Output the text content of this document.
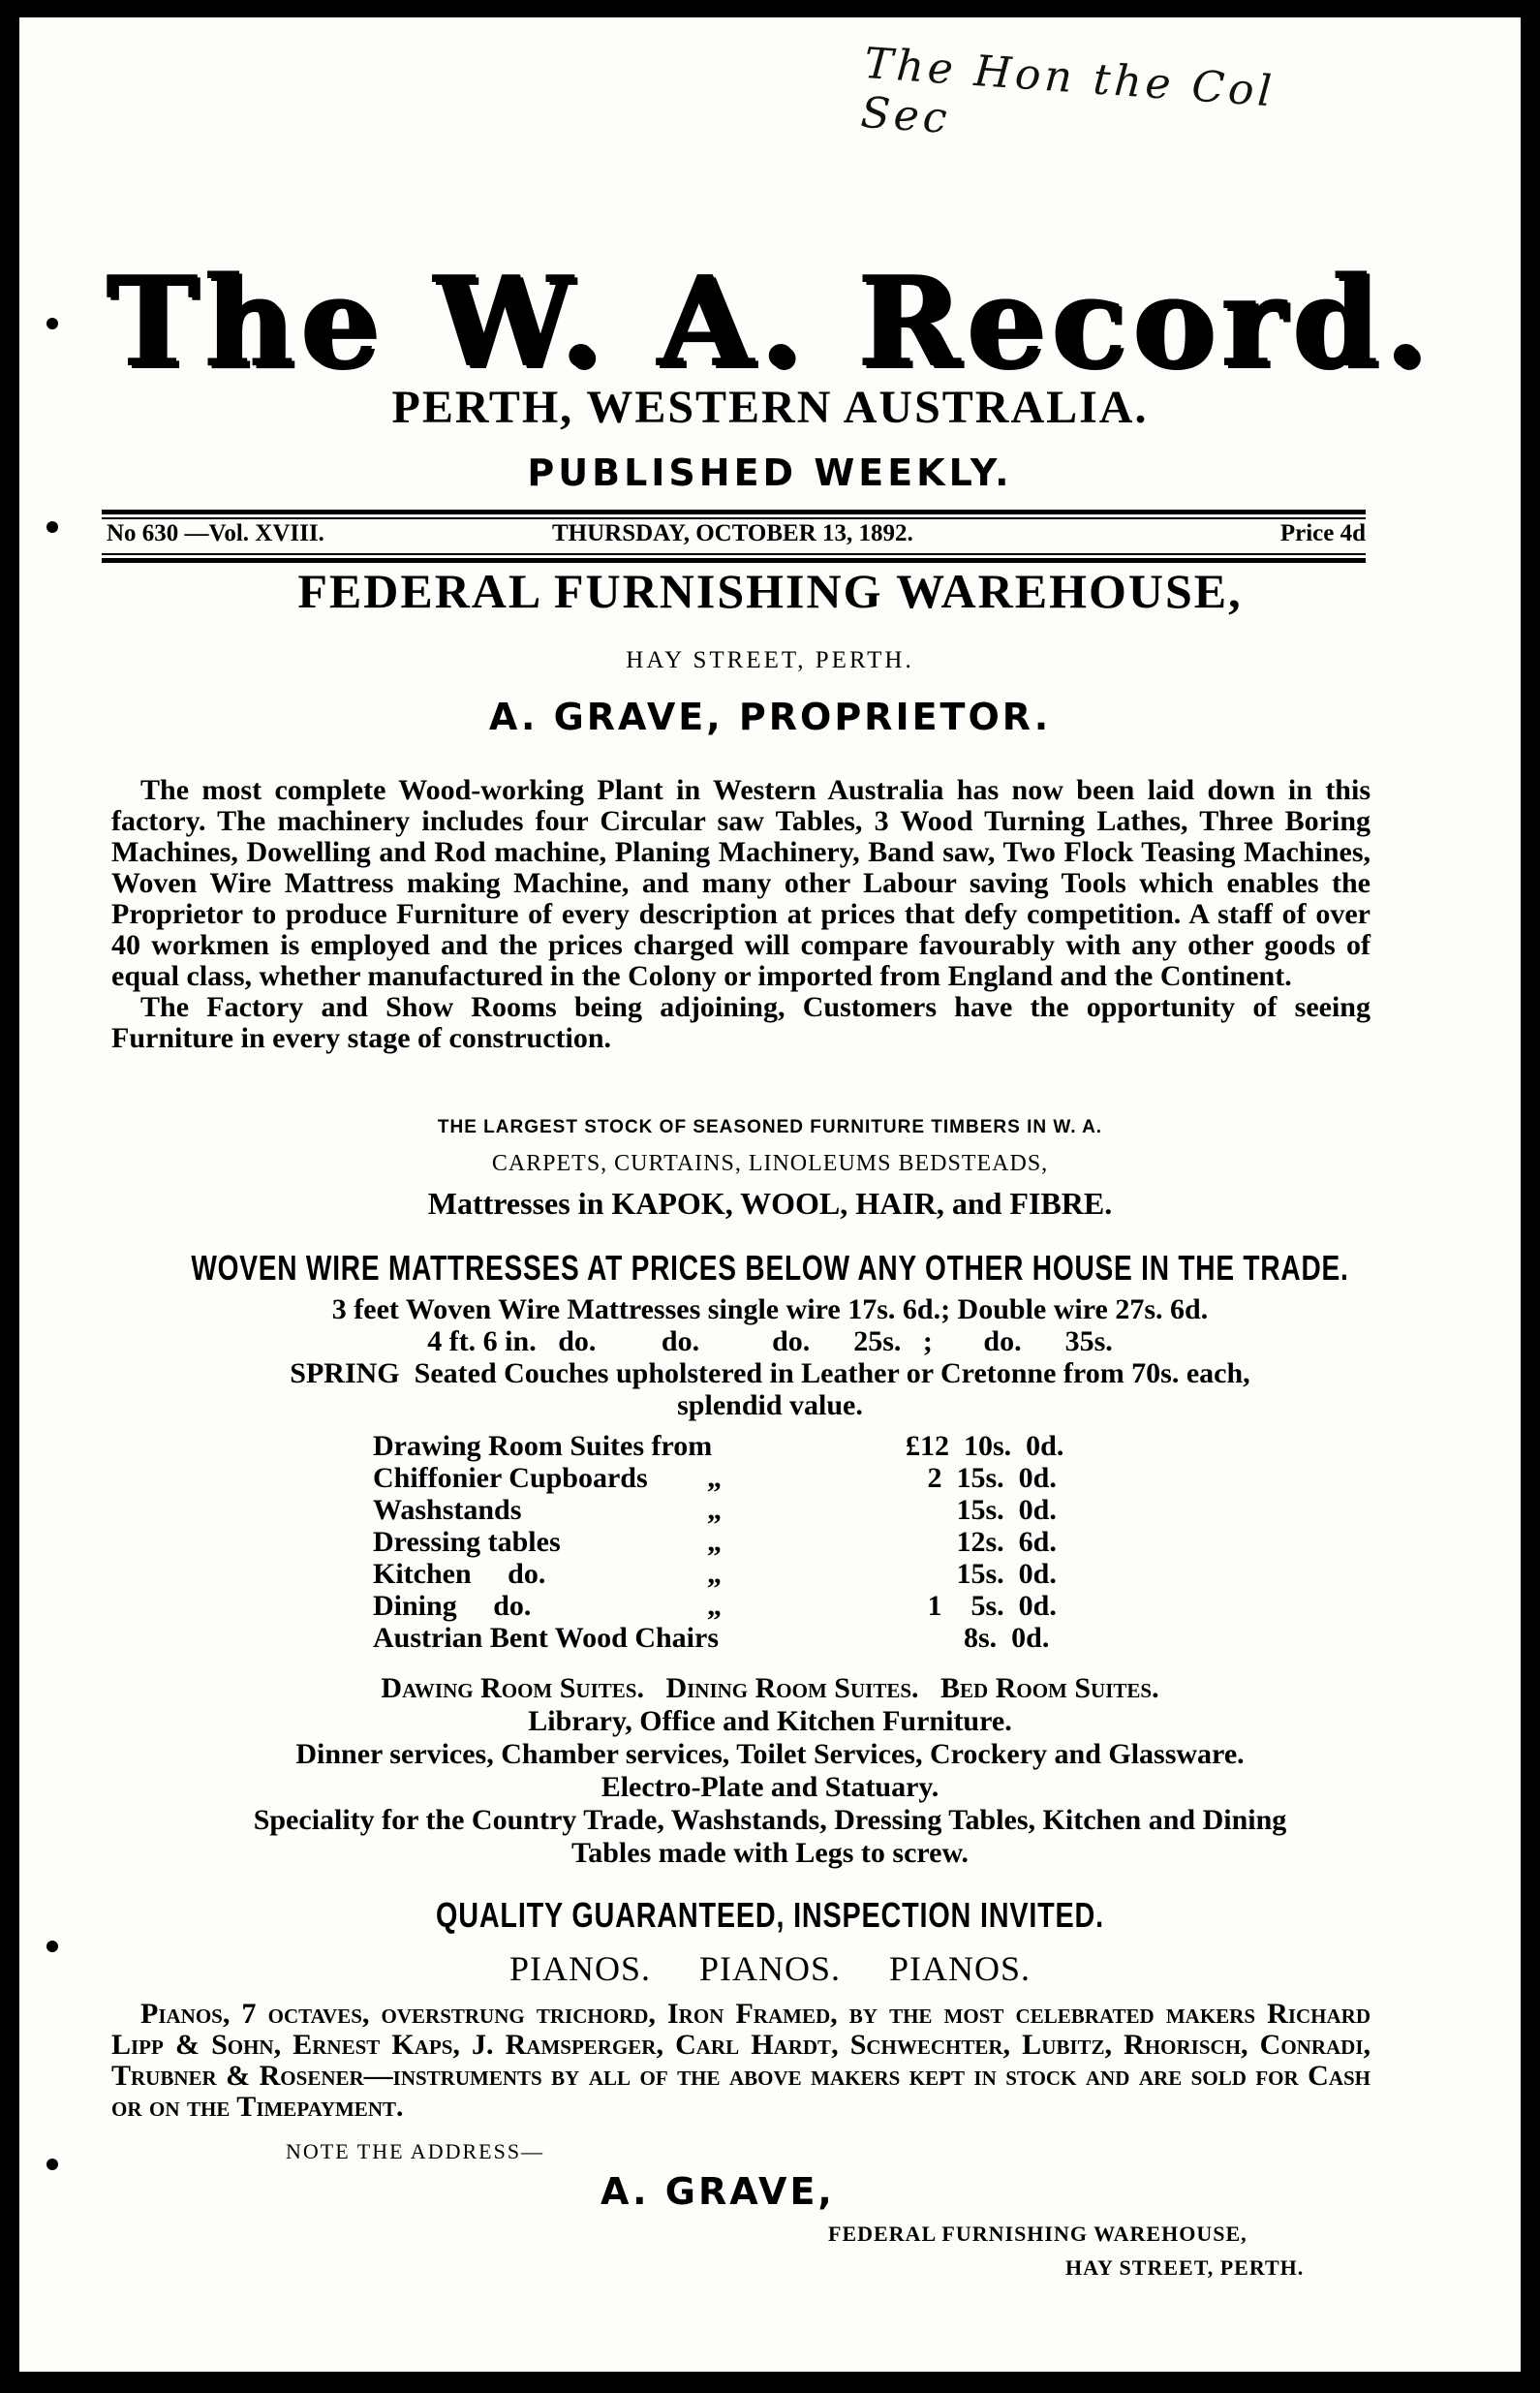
The Hon the Col Sec
The W. A. Record.
PERTH, WESTERN AUSTRALIA.
PUBLISHED WEEKLY.
No 630 —Vol. XVIII.	THURSDAY, OCTOBER 13, 1892.	Price 4d
FEDERAL FURNISHING WAREHOUSE,
HAY STREET, PERTH.
A. GRAVE, PROPRIETOR.

The most complete Wood-working Plant in Western Australia has now been laid down in this factory. The machinery includes four Circular saw Tables, 3 Wood Turning Lathes, Three Boring Machines, Dowelling and Rod machine, Planing Machinery, Band saw, Two Flock Teasing Machines, Woven Wire Mattress making Machine, and many other Labour saving Tools which enables the Proprietor to produce Furniture of every description at prices that defy competition. A staff of over 40 workmen is employed and the prices charged will compare favourably with any other goods of equal class, whether manufactured in the Colony or imported from England and the Continent.

The Factory and Show Rooms being adjoining, Customers have the opportunity of seeing Furniture in every stage of construction.

THE LARGEST STOCK OF SEASONED FURNITURE TIMBERS IN W. A.
CARPETS, CURTAINS, LINOLEUMS BEDSTEADS,
Mattresses in KAPOK, WOOL, HAIR, and FIBRE.
WOVEN WIRE MATTRESSES AT PRICES BELOW ANY OTHER HOUSE IN THE TRADE.
3 feet Woven Wire Mattresses single wire 17s. 6d.; Double wire 27s. 6d.
4 ft. 6 in.   do.         do.          do.      25s.   ;       do.      35s.
SPRING  Seated Couches upholstered in Leather or Cretonne from 70s. each,
splendid value.
Drawing Room Suites from	£12  10s.  0d.
Chiffonier Cupboards „	2  15s.  0d.
Washstands	„	15s.  0d.
Dressing tables	„	12s.  6d.
Kitchen     do.	„	15s.  0d.
Dining     do.	„	1    5s.  0d.
Austrian Bent Wood Chairs	8s.  0d.
Dawing Room Suites.   Dining Room Suites.   Bed Room Suites.
Library, Office and Kitchen Furniture.
Dinner services, Chamber services, Toilet Services, Crockery and Glassware.
Electro-Plate and Statuary.
Speciality for the Country Trade, Washstands, Dressing Tables, Kitchen and Dining
Tables made with Legs to screw.
QUALITY GUARANTEED, INSPECTION INVITED.
PIANOS.     PIANOS.     PIANOS.

Pianos, 7 octaves, overstrung trichord, Iron Framed, by the most celebrated makers Richard Lipp & Sohn, Ernest Kaps, J. Ramsperger, Carl Hardt, Schwechter, Lubitz, Rhorisch, Conradi, Trubner & Rosener—instruments by all of the above makers kept in stock and are sold for Cash or on the Timepayment.

NOTE THE ADDRESS—
A. GRAVE,
FEDERAL FURNISHING WAREHOUSE,
HAY STREET, PERTH.
